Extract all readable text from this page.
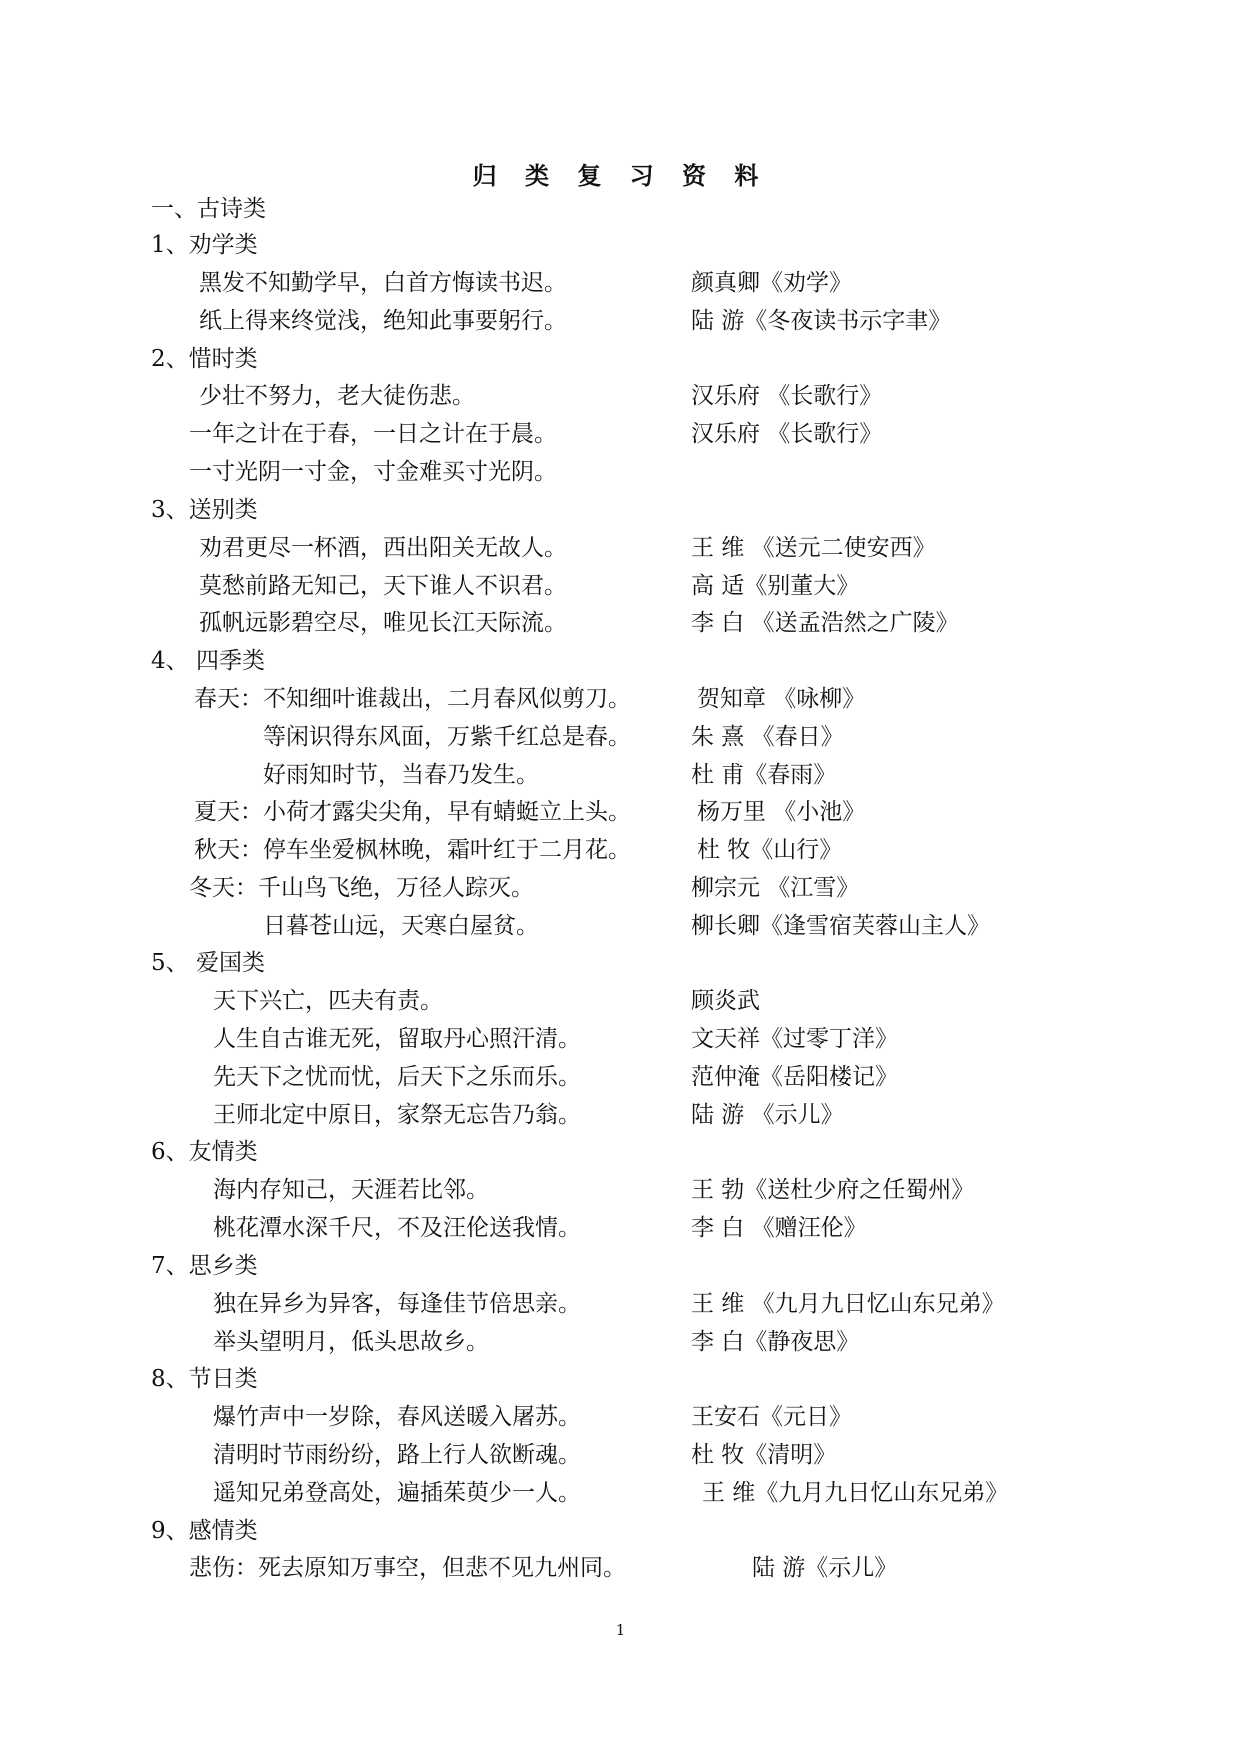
归 类 复 习 资 料
一、古诗类
1、劝学类
黑发不知勤学早，白首方悔读书迟。	颜真卿《劝学》
纸上得来终觉浅，绝知此事要躬行。	陆 游《冬夜读书示字聿》
2、惜时类
少壮不努力，老大徒伤悲。	汉乐府 《长歌行》
一年之计在于春，一日之计在于晨。	汉乐府 《长歌行》
一寸光阴一寸金，寸金难买寸光阴。
3、送别类
劝君更尽一杯酒，西出阳关无故人。	王 维 《送元二使安西》
莫愁前路无知己，天下谁人不识君。	高 适《别董大》
孤帆远影碧空尽，唯见长江天际流。	李 白 《送孟浩然之广陵》
4、 四季类
春天：不知细叶谁裁出，二月春风似剪刀。	贺知章 《咏柳》
等闲识得东风面，万紫千红总是春。	朱 熹 《春日》
好雨知时节，当春乃发生。	杜 甫《春雨》
夏天：小荷才露尖尖角，早有蜻蜓立上头。	杨万里 《小池》
秋天：停车坐爱枫林晚，霜叶红于二月花。	杜 牧《山行》
冬天：千山鸟飞绝，万径人踪灭。	柳宗元 《江雪》
日暮苍山远，天寒白屋贫。	柳长卿《逢雪宿芙蓉山主人》
5、 爱国类
天下兴亡，匹夫有责。	顾炎武
人生自古谁无死，留取丹心照汗清。	文天祥《过零丁洋》
先天下之忧而忧，后天下之乐而乐。	范仲淹《岳阳楼记》
王师北定中原日，家祭无忘告乃翁。	陆 游 《示儿》
6、友情类
海内存知己，天涯若比邻。	王 勃《送杜少府之任蜀州》
桃花潭水深千尺，不及汪伦送我情。	李 白 《赠汪伦》
7、思乡类
独在异乡为异客，每逢佳节倍思亲。	王 维 《九月九日忆山东兄弟》
举头望明月，低头思故乡。	李 白《静夜思》
8、节日类
爆竹声中一岁除，春风送暖入屠苏。	王安石《元日》
清明时节雨纷纷，路上行人欲断魂。	杜 牧《清明》
遥知兄弟登高处，遍插茱萸少一人。	王 维《九月九日忆山东兄弟》
9、感情类
悲伤：死去原知万事空，但悲不见九州同。	陆 游《示儿》
1
